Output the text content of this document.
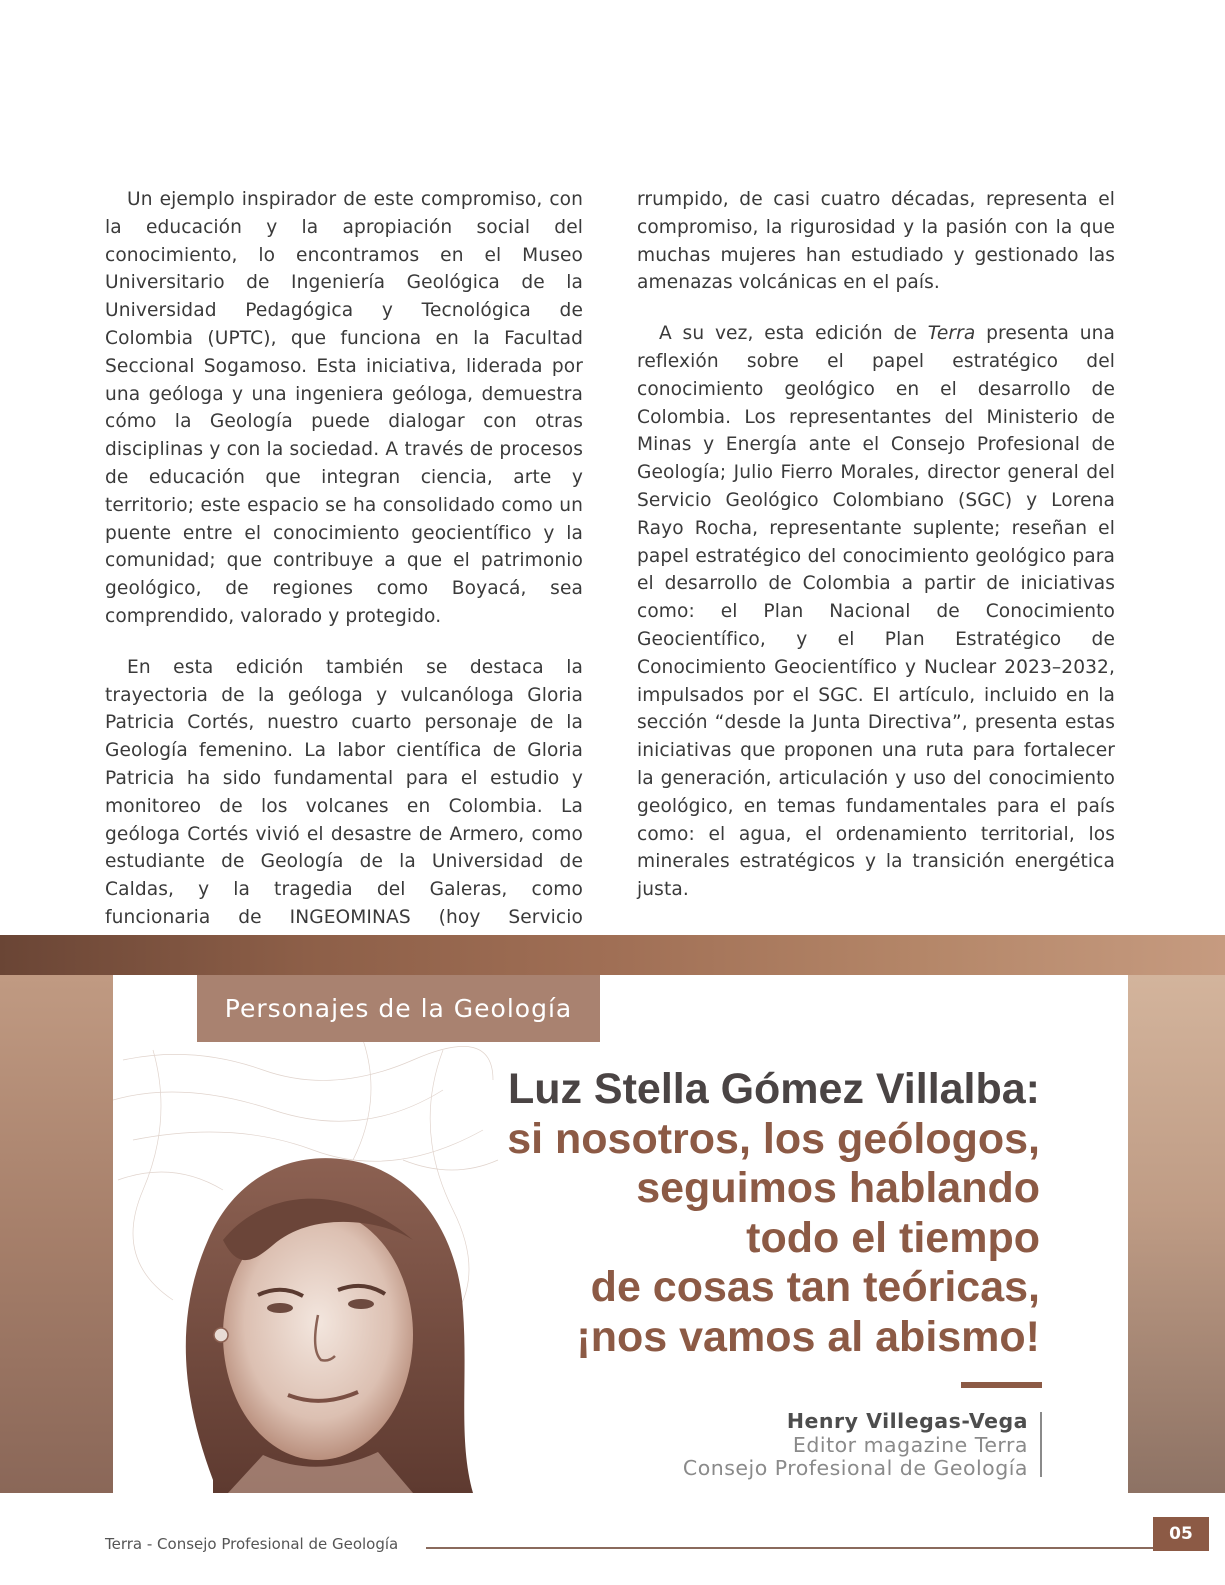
Un ejemplo inspirador de este compromiso, con la educación y la apropiación social del conocimiento, lo encontramos en el Museo Universitario de Ingeniería Geológica de la Universidad Pedagógica y Tecnológica de Colombia (UPTC), que funciona en la Facultad Seccional Sogamoso. Esta iniciativa, liderada por una geóloga y una ingeniera geóloga, demuestra cómo la Geología puede dialogar con otras disciplinas y con la sociedad. A través de procesos de educación que integran ciencia, arte y territorio; este espacio se ha consolidado como un puente entre el conocimiento geocientífico y la comunidad; que contribuye a que el patrimonio geológico, de regiones como Boyacá, sea comprendido, valorado y protegido.

En esta edición también se destaca la trayectoria de la geóloga y vulcanóloga Gloria Patricia Cortés, nuestro cuarto personaje de la Geología femenino. La labor científica de Gloria Patricia ha sido fundamental para el estudio y monitoreo de los volcanes en Colombia. La geóloga Cortés vivió el desastre de Armero, como estudiante de Geología de la Universidad de Caldas, y la tragedia del Galeras, como funcionaria de INGEOMINAS (hoy Servicio

rrumpido, de casi cuatro décadas, representa el compromiso, la rigurosidad y la pasión con la que muchas mujeres han estudiado y gestionado las amenazas volcánicas en el país.

A su vez, esta edición de Terra presenta una reflexión sobre el papel estratégico del conocimiento geológico en el desarrollo de Colombia. Los representantes del Ministerio de Minas y Energía ante el Consejo Profesional de Geología; Julio Fierro Morales, director general del Servicio Geológico Colombiano (SGC) y Lorena Rayo Rocha, representante suplente; reseñan el papel estratégico del conocimiento geológico para el desarrollo de Colombia a partir de iniciativas como: el Plan Nacional de Conocimiento Geocientífico, y el Plan Estratégico de Conocimiento Geocientífico y Nuclear 2023–2032, impulsados por el SGC. El artículo, incluido en la sección “desde la Junta Directiva”, presenta estas iniciativas que proponen una ruta para fortalecer la generación, articulación y uso del conocimiento geológico, en temas fundamentales para el país como: el agua, el ordenamiento territorial, los minerales estratégicos y la transición energética justa.

Personajes de la Geología
Luz Stella Gómez Villalba:
si nosotros, los geólogos,
seguimos hablando
todo el tiempo
de cosas tan teóricas,
¡nos vamos al abismo!
Henry Villegas-Vega
Editor magazine Terra
Consejo Profesional de Geología
Terra - Consejo Profesional de Geología	05
